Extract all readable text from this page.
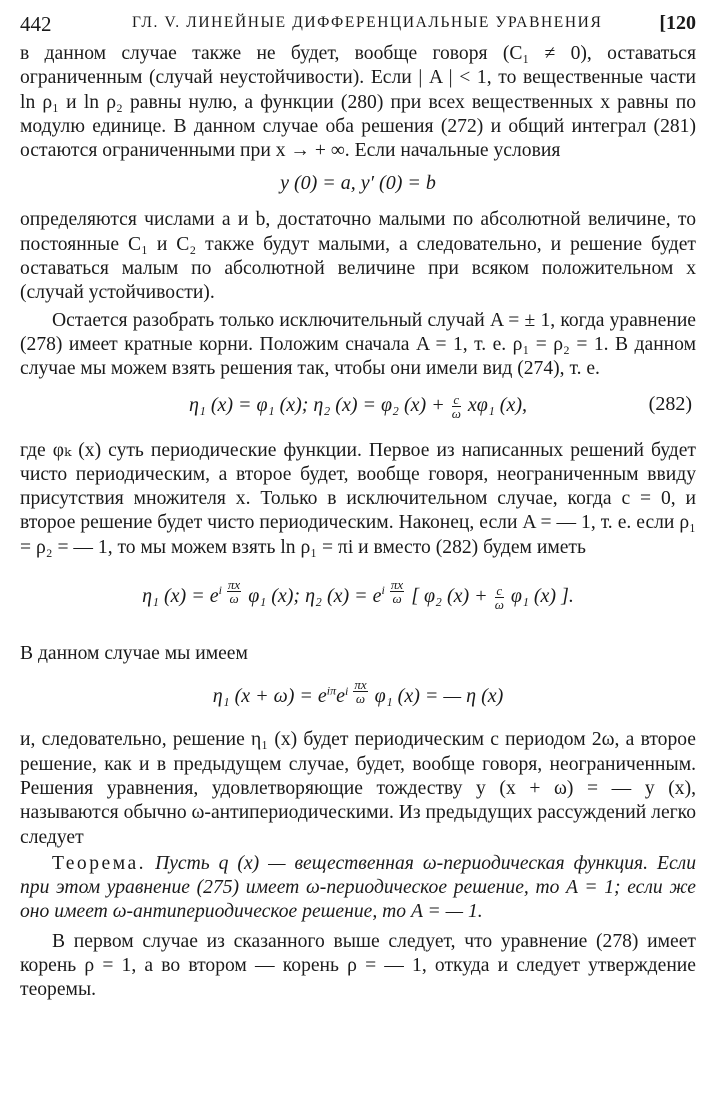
442	ГЛ. V. ЛИНЕЙНЫЕ ДИФФЕРЕНЦИАЛЬНЫЕ УРАВНЕНИЯ	[120

в данном случае также не будет, вообще говоря (C₁ ≠ 0), оставаться ограниченным (случай неустойчивости). Если | A | < 1, то вещественные части ln ρ₁ и ln ρ₂ равны нулю, а функции (280) при всех вещественных x равны по модулю единице. В данном случае оба решения (272) и общий интеграл (281) остаются ограниченными при x → + ∞. Если начальные условия

y (0) = a, y′ (0) = b

определяются числами a и b, достаточно малыми по абсолютной величине, то постоянные C₁ и C₂ также будут малыми, а следовательно, и решение будет оставаться малым по абсолютной величине при всяком положительном x (случай устойчивости).

Остается разобрать только исключительный случай A = ± 1, когда уравнение (278) имеет кратные корни. Положим сначала A = 1, т. е. ρ₁ = ρ₂ = 1. В данном случае мы можем взять решения так, чтобы они имели вид (274), т. е.

η₁ (x) = φ₁ (x); η₂ (x) = φ₂ $(x) + \frac{c}{\omega} x\varphi_1$ (x),	(282)

где φₖ (x) суть периодические функции. Первое из написанных решений будет чисто периодическим, а второе будет, вообще говоря, неограниченным ввиду присутствия множителя x. Только в исключительном случае, когда c = 0, и второе решение будет чисто периодическим. Наконец, если A = — 1, т. е. если ρ₁ = ρ₂ = — 1, то мы можем взять ln ρ₁ = πi и вместо (282) будем иметь

η₁ $(x) = e^{i \frac{\pi x}{\omega}}$ φ₁ (x); η₂ $(x) = e^{i \frac{\pi x}{\omega}}$ [ φ₂ $(x) + \frac{c}{\omega} \varphi_1$ (x) ].

В данном случае мы имеем

η₁ $(x + \omega) = e^{i\pi}e^{i \frac{\pi x}{\omega}}$ φ₁ (x) = — η (x)

и, следовательно, решение η₁ (x) будет периодическим с периодом 2ω, а второе решение, как и в предыдущем случае, будет, вообще говоря, неограниченным. Решения уравнения, удовлетворяющие тождеству y (x + ω) = — y (x), называются обычно ω-антипериодическими. Из предыдущих рассуждений легко следует

Теорема. Пусть q (x) — вещественная ω-периодическая функция. Если при этом уравнение (275) имеет ω-периодическое решение, то A = 1; если же оно имеет ω-антипериодическое решение, то A = — 1.

В первом случае из сказанного выше следует, что уравнение (278) имеет корень ρ = 1, а во втором — корень ρ = — 1, откуда и следует утверждение теоремы.
